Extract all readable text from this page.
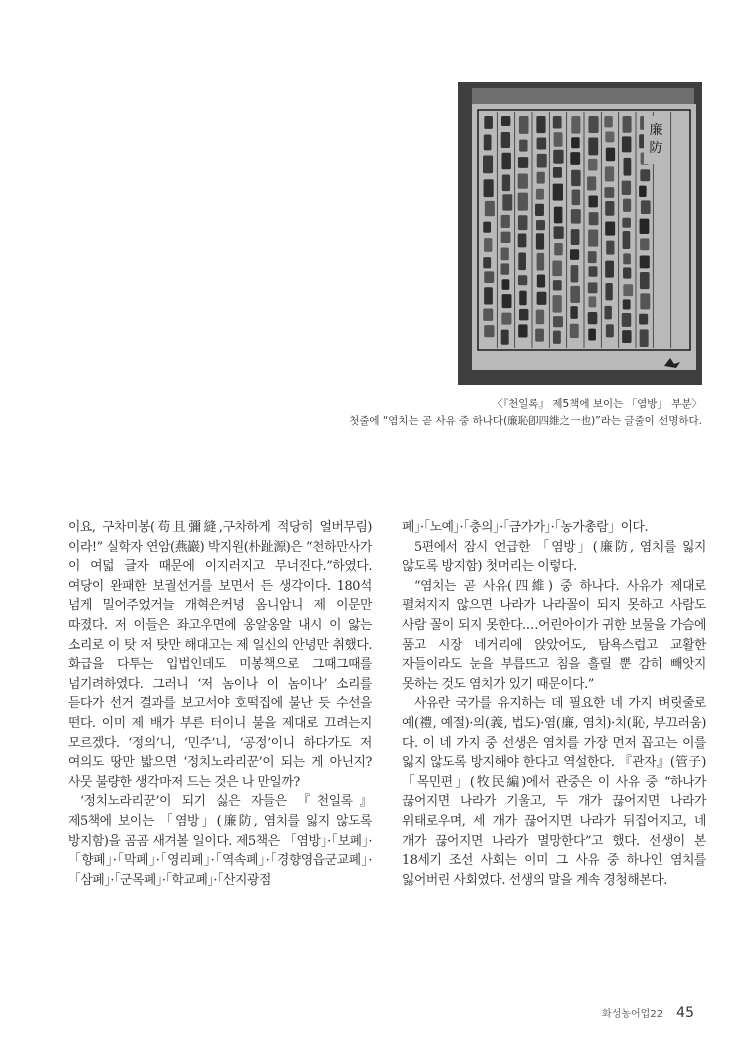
廉
防
〈『천일록』 제5책에 보이는 「염방」 부분〉
첫줄에 “염치는 곧 사유 중 하나다(廉恥卽四維之一也)”라는 글줄이 선명하다.

이요, 구차미봉(苟且彌縫,구차하게 적당히 얼버무림)이라!” 실학자 연암(燕巖) 박지원(朴趾源)은 “천하만사가 이 여덟 글자 때문에 이지러지고 무너진다.”하였다. 여당이 완패한 보궐선거를 보면서 든 생각이다. 180석 넘게 밀어주었거늘 개혁은커녕 옴니암니 제 이문만 따졌다. 저 이들은 좌고우면에 옹알옹알 내시 이 앓는 소리로 이 탓 저 탓만 해대고는 제 일신의 안녕만 취했다. 화급을 다투는 입법인데도 미봉책으로 그때그때를 넘기려하였다. 그러니 ‘저 놈이나 이 놈이나’ 소리를 듣다가 선거 결과를 보고서야 호떡집에 불난 듯 수선을 떤다. 이미 제 배가 부른 터이니 불을 제대로 끄려는지 모르겠다. ‘정의’니, ‘민주’니, ‘공정’이니 하다가도 저 여의도 땅만 밟으면 ‘정치노라리꾼’이 되는 게 아닌지? 사뭇 불량한 생각마저 드는 것은 나 만일까?

‘정치노라리꾼’이 되기 싫은 자들은 『천일록』 제5책에 보이는 「염방」(廉防, 염치를 잃지 않도록 방지함)을 곰곰 새겨볼 일이다. 제5책은 「염방」·「보폐」·「향폐」·「막폐」·「영리폐」·「역속폐」·「경향영읍군교폐」·「삼폐」·「군목폐」·「학교폐」·「산지광점

폐」·「노예」·「충의」·「금가가」·「농가총람」이다.

5편에서 잠시 언급한 「염방」(廉防, 염치를 잃지 않도록 방지함) 첫머리는 이렇다.

“염치는 곧 사유(四維) 중 하나다. 사유가 제대로 펼쳐지지 않으면 나라가 나라꼴이 되지 못하고 사람도 사람 꼴이 되지 못한다.…어린아이가 귀한 보물을 가슴에 품고 시장 네거리에 앉았어도, 탐욕스럽고 교활한 자들이라도 눈을 부릅뜨고 침을 흘릴 뿐 감히 빼앗지 못하는 것도 염치가 있기 때문이다.”

사유란 국가를 유지하는 데 필요한 네 가지 벼릿줄로 예(禮, 예절)·의(義, 법도)·염(廉, 염치)·치(恥, 부끄러움)다. 이 네 가지 중 선생은 염치를 가장 먼저 꼽고는 이를 잃지 않도록 방지해야 한다고 역설한다. 『관자』(管子) 「목민편」(牧民編)에서 관중은 이 사유 중 “하나가 끊어지면 나라가 기울고, 두 개가 끊어지면 나라가 위태로우며, 세 개가 끊어지면 나라가 뒤집어지고, 네 개가 끊어지면 나라가 멸망한다”고 했다. 선생이 본 18세기 조선 사회는 이미 그 사유 중 하나인 염치를 잃어버린 사회였다. 선생의 말을 계속 경청해본다.

화성농어업22 45
